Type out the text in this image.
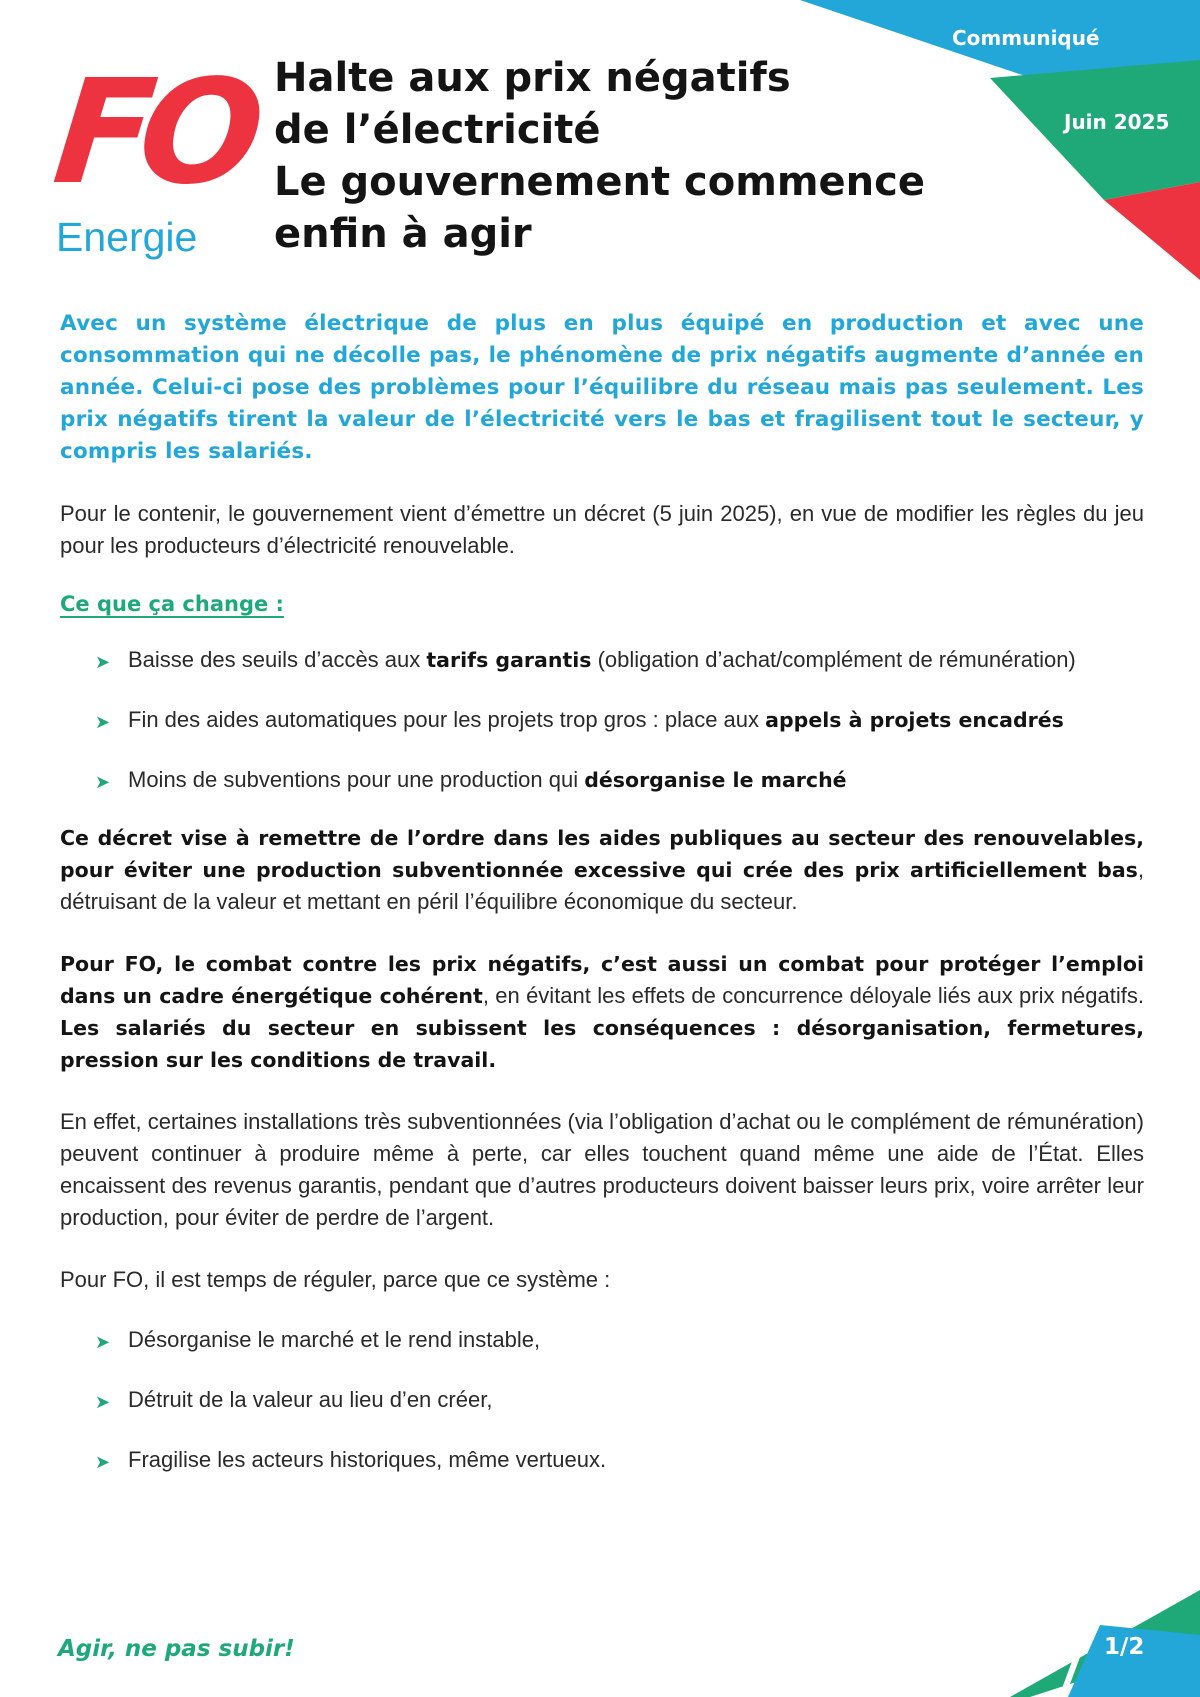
Communiqué
Juin 2025
FO
Energie
Halte aux prix négatifs
de l’électricité
Le gouvernement commence
enfin à agir

Avec un système électrique de plus en plus équipé en production et avec une consommation qui ne décolle pas, le phénomène de prix négatifs augmente d’année en année. Celui-ci pose des problèmes pour l’équilibre du réseau mais pas seulement. Les prix négatifs tirent la valeur de l’électricité vers le bas et fragilisent tout le secteur, y compris les salariés.

Pour le contenir, le gouvernement vient d’émettre un décret (5 juin 2025), en vue de modifier les règles du jeu pour les producteurs d’électricité renouvelable.

Ce que ça change :

➤ Baisse des seuils d’accès aux tarifs garantis (obligation d’achat/complément de rémunération)
➤ Fin des aides automatiques pour les projets trop gros : place aux appels à projets encadrés
➤ Moins de subventions pour une production qui désorganise le marché

Ce décret vise à remettre de l’ordre dans les aides publiques au secteur des renouvelables, pour éviter une production subventionnée excessive qui crée des prix artificiellement bas, détruisant de la valeur et mettant en péril l’équilibre économique du secteur.

Pour FO, le combat contre les prix négatifs, c’est aussi un combat pour protéger l’emploi dans un cadre énergétique cohérent, en évitant les effets de concurrence déloyale liés aux prix négatifs. Les salariés du secteur en subissent les conséquences : désorganisation, fermetures, pression sur les conditions de travail.

En effet, certaines installations très subventionnées (via l’obligation d’achat ou le complément de rémunération) peuvent continuer à produire même à perte, car elles touchent quand même une aide de l’État. Elles encaissent des revenus garantis, pendant que d’autres producteurs doivent baisser leurs prix, voire arrêter leur production, pour éviter de perdre de l’argent.

Pour FO, il est temps de réguler, parce que ce système :

➤ Désorganise le marché et le rend instable,
➤ Détruit de la valeur au lieu d’en créer,
➤ Fragilise les acteurs historiques, même vertueux.
Agir, ne pas subir!	1/2
